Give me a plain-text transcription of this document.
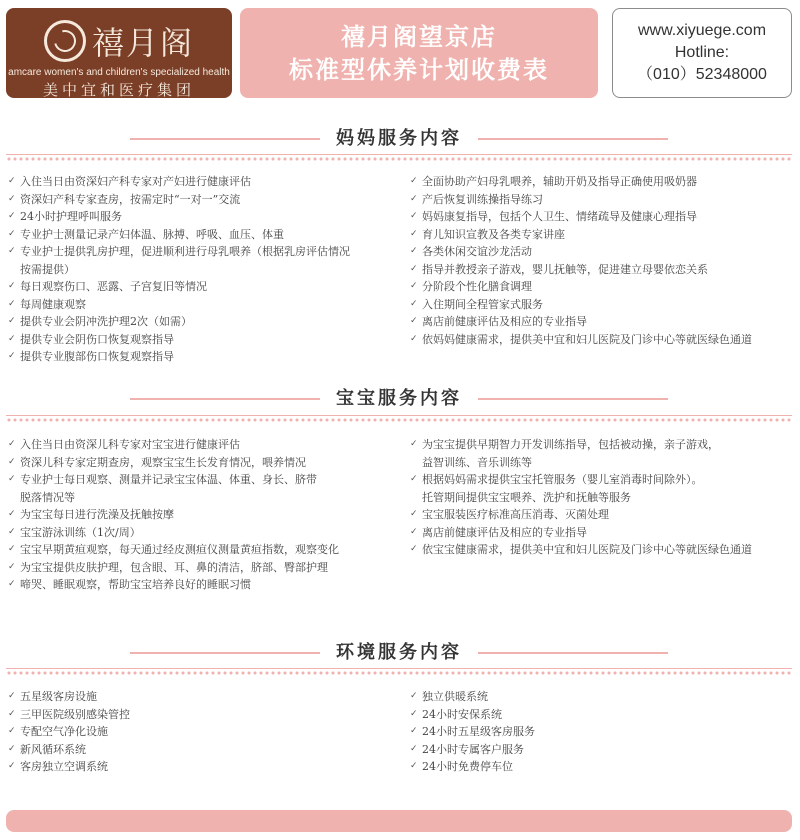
禧月阁
amcare women's and children's specialized health
美中宜和医疗集团
禧月阁望京店
标准型休养计划收费表
www.xiyuege.com
Hotline:
（010）52348000
妈妈服务内容
✓ 入住当日由资深妇产科专家对产妇进行健康评估
✓ 资深妇产科专家查房，按需定时“一对一”交流
✓ 24小时护理呼叫服务
✓ 专业护士测量记录产妇体温、脉搏、呼吸、血压、体重
✓ 专业护士提供乳房护理，促进顺利进行母乳喂养（根据乳房评估情况
按需提供）
✓ 每日观察伤口、恶露、子宫复旧等情况
✓ 每周健康观察
✓ 提供专业会阴冲洗护理2次（如需）
✓ 提供专业会阴伤口恢复观察指导
✓ 提供专业腹部伤口恢复观察指导
✓ 全面协助产妇母乳喂养，辅助开奶及指导正确使用吸奶器
✓ 产后恢复训练操指导练习
✓ 妈妈康复指导，包括个人卫生、情绪疏导及健康心理指导
✓ 育儿知识宣教及各类专家讲座
✓ 各类休闲交谊沙龙活动
✓ 指导并教授亲子游戏，婴儿抚触等，促进建立母婴依恋关系
✓ 分阶段个性化膳食调理
✓ 入住期间全程管家式服务
✓ 离店前健康评估及相应的专业指导
✓ 依妈妈健康需求，提供美中宜和妇儿医院及门诊中心等就医绿色通道
宝宝服务内容
✓ 入住当日由资深儿科专家对宝宝进行健康评估
✓ 资深儿科专家定期查房，观察宝宝生长发育情况，喂养情况
✓ 专业护士每日观察、测量并记录宝宝体温、体重、身长、脐带
脱落情况等
✓ 为宝宝每日进行洗澡及抚触按摩
✓ 宝宝游泳训练（1次/周）
✓ 宝宝早期黄疸观察，每天通过经皮测疸仪测量黄疸指数，观察变化
✓ 为宝宝提供皮肤护理，包含眼、耳、鼻的清洁，脐部、臀部护理
✓ 啼哭、睡眠观察，帮助宝宝培养良好的睡眠习惯
✓ 为宝宝提供早期智力开发训练指导，包括被动操，亲子游戏，
益智训练、音乐训练等
✓ 根据妈妈需求提供宝宝托管服务（婴儿室消毒时间除外）。
托管期间提供宝宝喂养、洗护和抚触等服务
✓ 宝宝服装医疗标准高压消毒、灭菌处理
✓ 离店前健康评估及相应的专业指导
✓ 依宝宝健康需求，提供美中宜和妇儿医院及门诊中心等就医绿色通道
环境服务内容
✓ 五星级客房设施
✓ 三甲医院级别感染管控
✓ 专配空气净化设施
✓ 新风循环系统
✓ 客房独立空调系统
✓ 独立供暖系统
✓ 24小时安保系统
✓ 24小时五星级客房服务
✓ 24小时专属客户服务
✓ 24小时免费停车位
